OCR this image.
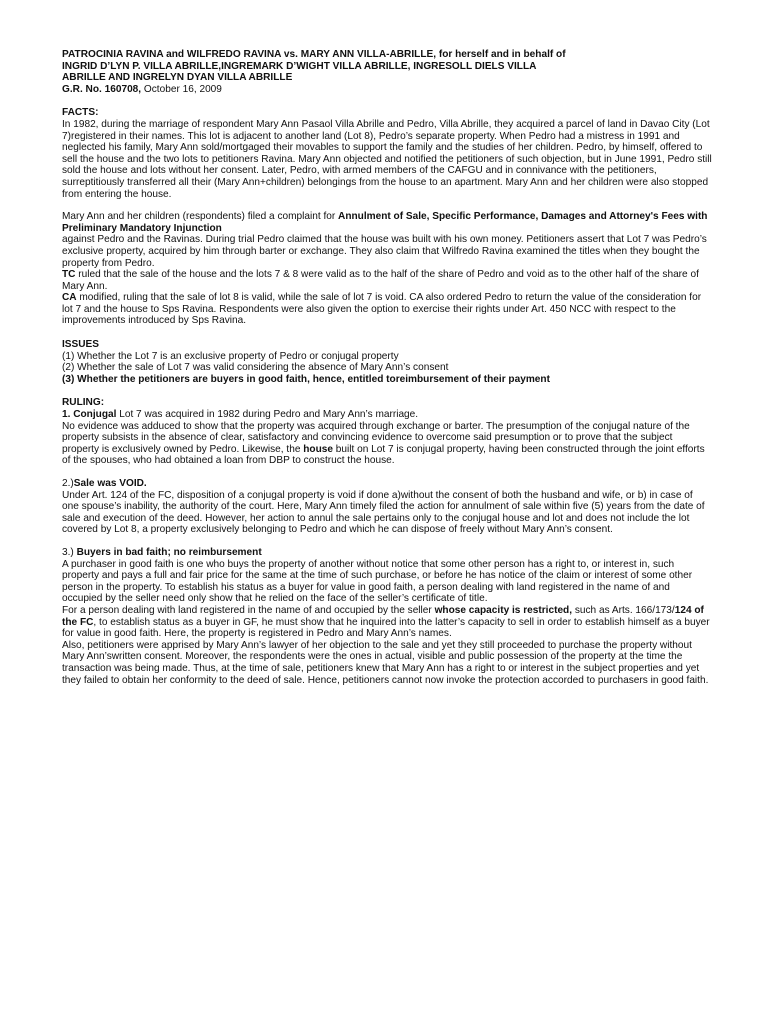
PATROCINIA RAVINA and WILFREDO RAVINA vs. MARY ANN VILLA-ABRILLE, for herself and in behalf of

INGRID D’LYN P. VILLA ABRILLE,INGREMARK D’WIGHT VILLA ABRILLE, INGRESOLL DIELS VILLA

ABRILLE AND INGRELYN DYAN VILLA ABRILLE

G.R. No. 160708, October 16, 2009

FACTS:

In 1982, during the marriage of respondent Mary Ann Pasaol Villa Abrille and Pedro, Villa Abrille, they acquired a parcel of land in Davao City (Lot 7)registered in their names. This lot is adjacent to another land (Lot 8), Pedro’s separate property. When Pedro had a mistress in 1991 and neglected his family, Mary Ann sold/mortgaged their movables to support the family and the studies of her children. Pedro, by himself, offered to sell the house and the two lots to petitioners Ravina. Mary Ann objected and notified the petitioners of such objection, but in June 1991, Pedro still sold the house and lots without her consent. Later, Pedro, with armed members of the CAFGU and in connivance with the petitioners, surreptitiously transferred all their (Mary Ann+children) belongings from the house to an apartment. Mary Ann and her children were also stopped from entering the house.

Mary Ann and her children (respondents) filed a complaint for Annulment of Sale, Specific Performance, Damages and Attorney's Fees with Preliminary Mandatory Injunction

against Pedro and the Ravinas. During trial Pedro claimed that the house was built with his own money. Petitioners assert that Lot 7 was Pedro’s exclusive property, acquired by him through barter or exchange. They also claim that Wilfredo Ravina examined the titles when they bought the property from Pedro.

TC ruled that the sale of the house and the lots 7 & 8 were valid as to the half of the share of Pedro and void as to the other half of the share of Mary Ann.

CA modified, ruling that the sale of lot 8 is valid, while the sale of lot 7 is void. CA also ordered Pedro to return the value of the consideration for lot 7 and the house to Sps Ravina. Respondents were also given the option to exercise their rights under Art. 450 NCC with respect to the improvements introduced by Sps Ravina.

ISSUES

(1) Whether the Lot 7 is an exclusive property of Pedro or conjugal property

(2) Whether the sale of Lot 7 was valid considering the absence of Mary Ann’s consent

(3) Whether the petitioners are buyers in good faith, hence, entitled toreimbursement of their payment

RULING:

1. Conjugal Lot 7 was acquired in 1982 during Pedro and Mary Ann’s marriage.

No evidence was adduced to show that the property was acquired through exchange or barter. The presumption of the conjugal nature of the property subsists in the absence of clear, satisfactory and convincing evidence to overcome said presumption or to prove that the subject property is exclusively owned by Pedro. Likewise, the house built on Lot 7 is conjugal property, having been constructed through the joint efforts of the spouses, who had obtained a loan from DBP to construct the house.

2.)Sale was VOID.

Under Art. 124 of the FC, disposition of a conjugal property is void if done a)without the consent of both the husband and wife, or b) in case of one spouse’s inability, the authority of the court. Here, Mary Ann timely filed the action for annulment of sale within five (5) years from the date of sale and execution of the deed. However, her action to annul the sale pertains only to the conjugal house and lot and does not include the lot covered by Lot 8, a property exclusively belonging to Pedro and which he can dispose of freely without Mary Ann’s consent.

3.) Buyers in bad faith; no reimbursement

A purchaser in good faith is one who buys the property of another without notice that some other person has a right to, or interest in, such property and pays a full and fair price for the same at the time of such purchase, or before he has notice of the claim or interest of some other person in the property. To establish his status as a buyer for value in good faith, a person dealing with land registered in the name of and occupied by the seller need only show that he relied on the face of the seller’s certificate of title.

For a person dealing with land registered in the name of and occupied by the seller whose capacity is restricted, such as Arts. 166/173/124 of the FC, to establish status as a buyer in GF, he must show that he inquired into the latter’s capacity to sell in order to establish himself as a buyer for value in good faith. Here, the property is registered in Pedro and Mary Ann’s names.

Also, petitioners were apprised by Mary Ann’s lawyer of her objection to the sale and yet they still proceeded to purchase the property without Mary Ann’swritten consent. Moreover, the respondents were the ones in actual, visible and public possession of the property at the time the transaction was being made. Thus, at the time of sale, petitioners knew that Mary Ann has a right to or interest in the subject properties and yet they failed to obtain her conformity to the deed of sale. Hence, petitioners cannot now invoke the protection accorded to purchasers in good faith.
